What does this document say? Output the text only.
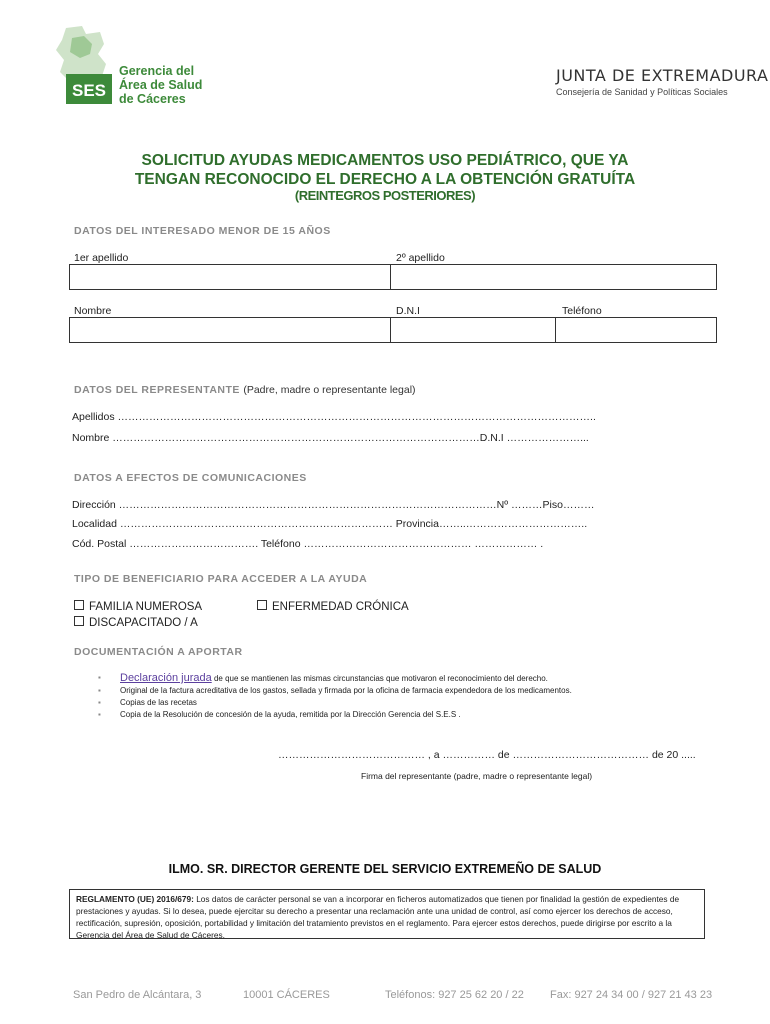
SES
Gerencia del
Área de Salud
de Cáceres
JUNTA DE EXTREMADURA
Consejería de Sanidad y Políticas Sociales
SOLICITUD AYUDAS MEDICAMENTOS USO PEDIÁTRICO, QUE YA
TENGAN RECONOCIDO EL DERECHO A LA OBTENCIÓN GRATUÍTA
(REINTEGROS POSTERIORES)
DATOS DEL INTERESADO MENOR DE 15 AÑOS
1er apellido	2º apellido
Nombre	D.N.I	Teléfono
DATOS DEL REPRESENTANTE (Padre, madre o representante legal)
Apellidos ………………………………………………………………………………………………………………………..
Nombre ……………………………………………………………………………………………D.N.I …………………...
DATOS A EFECTOS DE COMUNICACIONES
Dirección ………………………………………………………………………………………………Nº ………Piso………
Localidad …………………………………………………………………… Provincia……..……………………………..
Cód. Postal ………………………………. Teléfono ………………………………………… ……………… .
TIPO DE BENEFICIARIO PARA ACCEDER A LA AYUDA
FAMILIA NUMEROSA	ENFERMEDAD CRÓNICA
DISCAPACITADO / A
DOCUMENTACIÓN A APORTAR
▪ Declaración jurada de que se mantienen las mismas circunstancias que motivaron el reconocimiento del derecho.
▪ Original de la factura acreditativa de los gastos, sellada y firmada por la oficina de farmacia expendedora de los medicamentos.
▪ Copias de las recetas
▪ Copia de la Resolución de concesión de la ayuda, remitida por la Dirección Gerencia del S.E.S .
…………………………………… , a …………… de ………………………………… de 20 .....
Firma del representante (padre, madre o representante legal)
ILMO. SR. DIRECTOR GERENTE DEL SERVICIO EXTREMEÑO DE SALUD
REGLAMENTO (UE) 2016/679: Los datos de carácter personal se van a incorporar en ficheros automatizados que tienen por finalidad la gestión de expedientes de prestaciones y ayudas. Si lo desea, puede ejercitar su derecho a presentar una reclamación ante una unidad de control, así como ejercer los derechos de acceso, rectificación, supresión, oposición, portabilidad y limitación del tratamiento previstos en el reglamento. Para ejercer estos derechos, puede dirigirse por escrito a la Gerencia del Área de Salud de Cáceres.
San Pedro de Alcántara, 3	10001 CÁCERES	Teléfonos: 927 25 62 20 / 22 Fax: 927 24 34 00 / 927 21 43 23
